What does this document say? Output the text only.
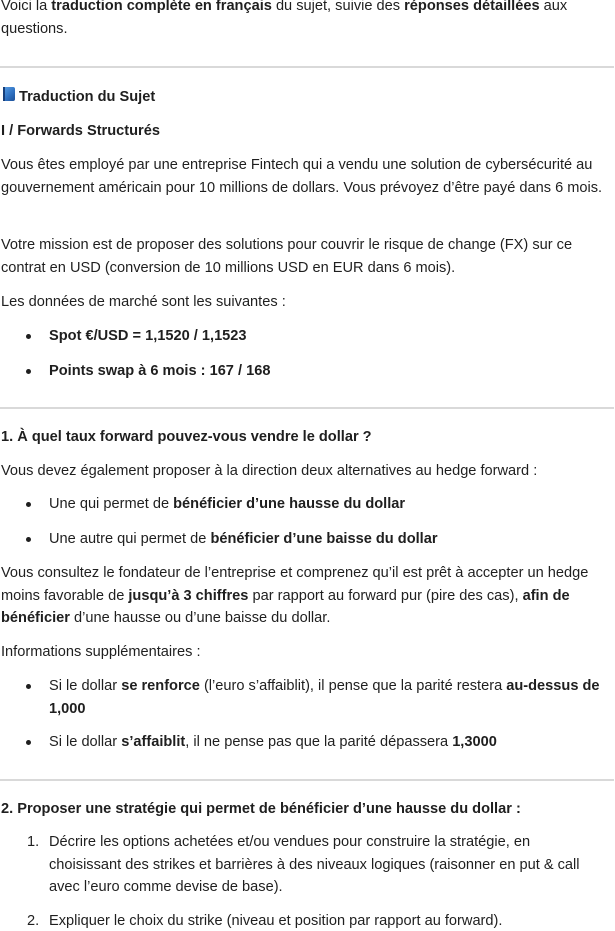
Voici la traduction complète en français du sujet, suivie des réponses détaillées aux questions.

Traduction du Sujet

I / Forwards Structurés

Vous êtes employé par une entreprise Fintech qui a vendu une solution de cybersécurité au gouvernement américain pour 10 millions de dollars. Vous prévoyez d’être payé dans 6 mois.

Votre mission est de proposer des solutions pour couvrir le risque de change (FX) sur ce contrat en USD (conversion de 10 millions USD en EUR dans 6 mois).

Les données de marché sont les suivantes :

• Spot €/USD = 1,1520 / 1,1523
• Points swap à 6 mois : 167 / 168

1. À quel taux forward pouvez-vous vendre le dollar ?

Vous devez également proposer à la direction deux alternatives au hedge forward :

• Une qui permet de bénéficier d’une hausse du dollar
• Une autre qui permet de bénéficier d’une baisse du dollar

Vous consultez le fondateur de l’entreprise et comprenez qu’il est prêt à accepter un hedge moins favorable de jusqu’à 3 chiffres par rapport au forward pur (pire des cas), afin de bénéficier d’une hausse ou d’une baisse du dollar.

Informations supplémentaires :

• Si le dollar se renforce (l’euro s’affaiblit), il pense que la parité restera au-dessus de 1,000
• Si le dollar s’affaiblit, il ne pense pas que la parité dépassera 1,3000

2. Proposer une stratégie qui permet de bénéficier d’une hausse du dollar :

1. Décrire les options achetées et/ou vendues pour construire la stratégie, en choisissant des strikes et barrières à des niveaux logiques (raisonner en put & call avec l’euro comme devise de base).
2. Expliquer le choix du strike (niveau et position par rapport au forward).
